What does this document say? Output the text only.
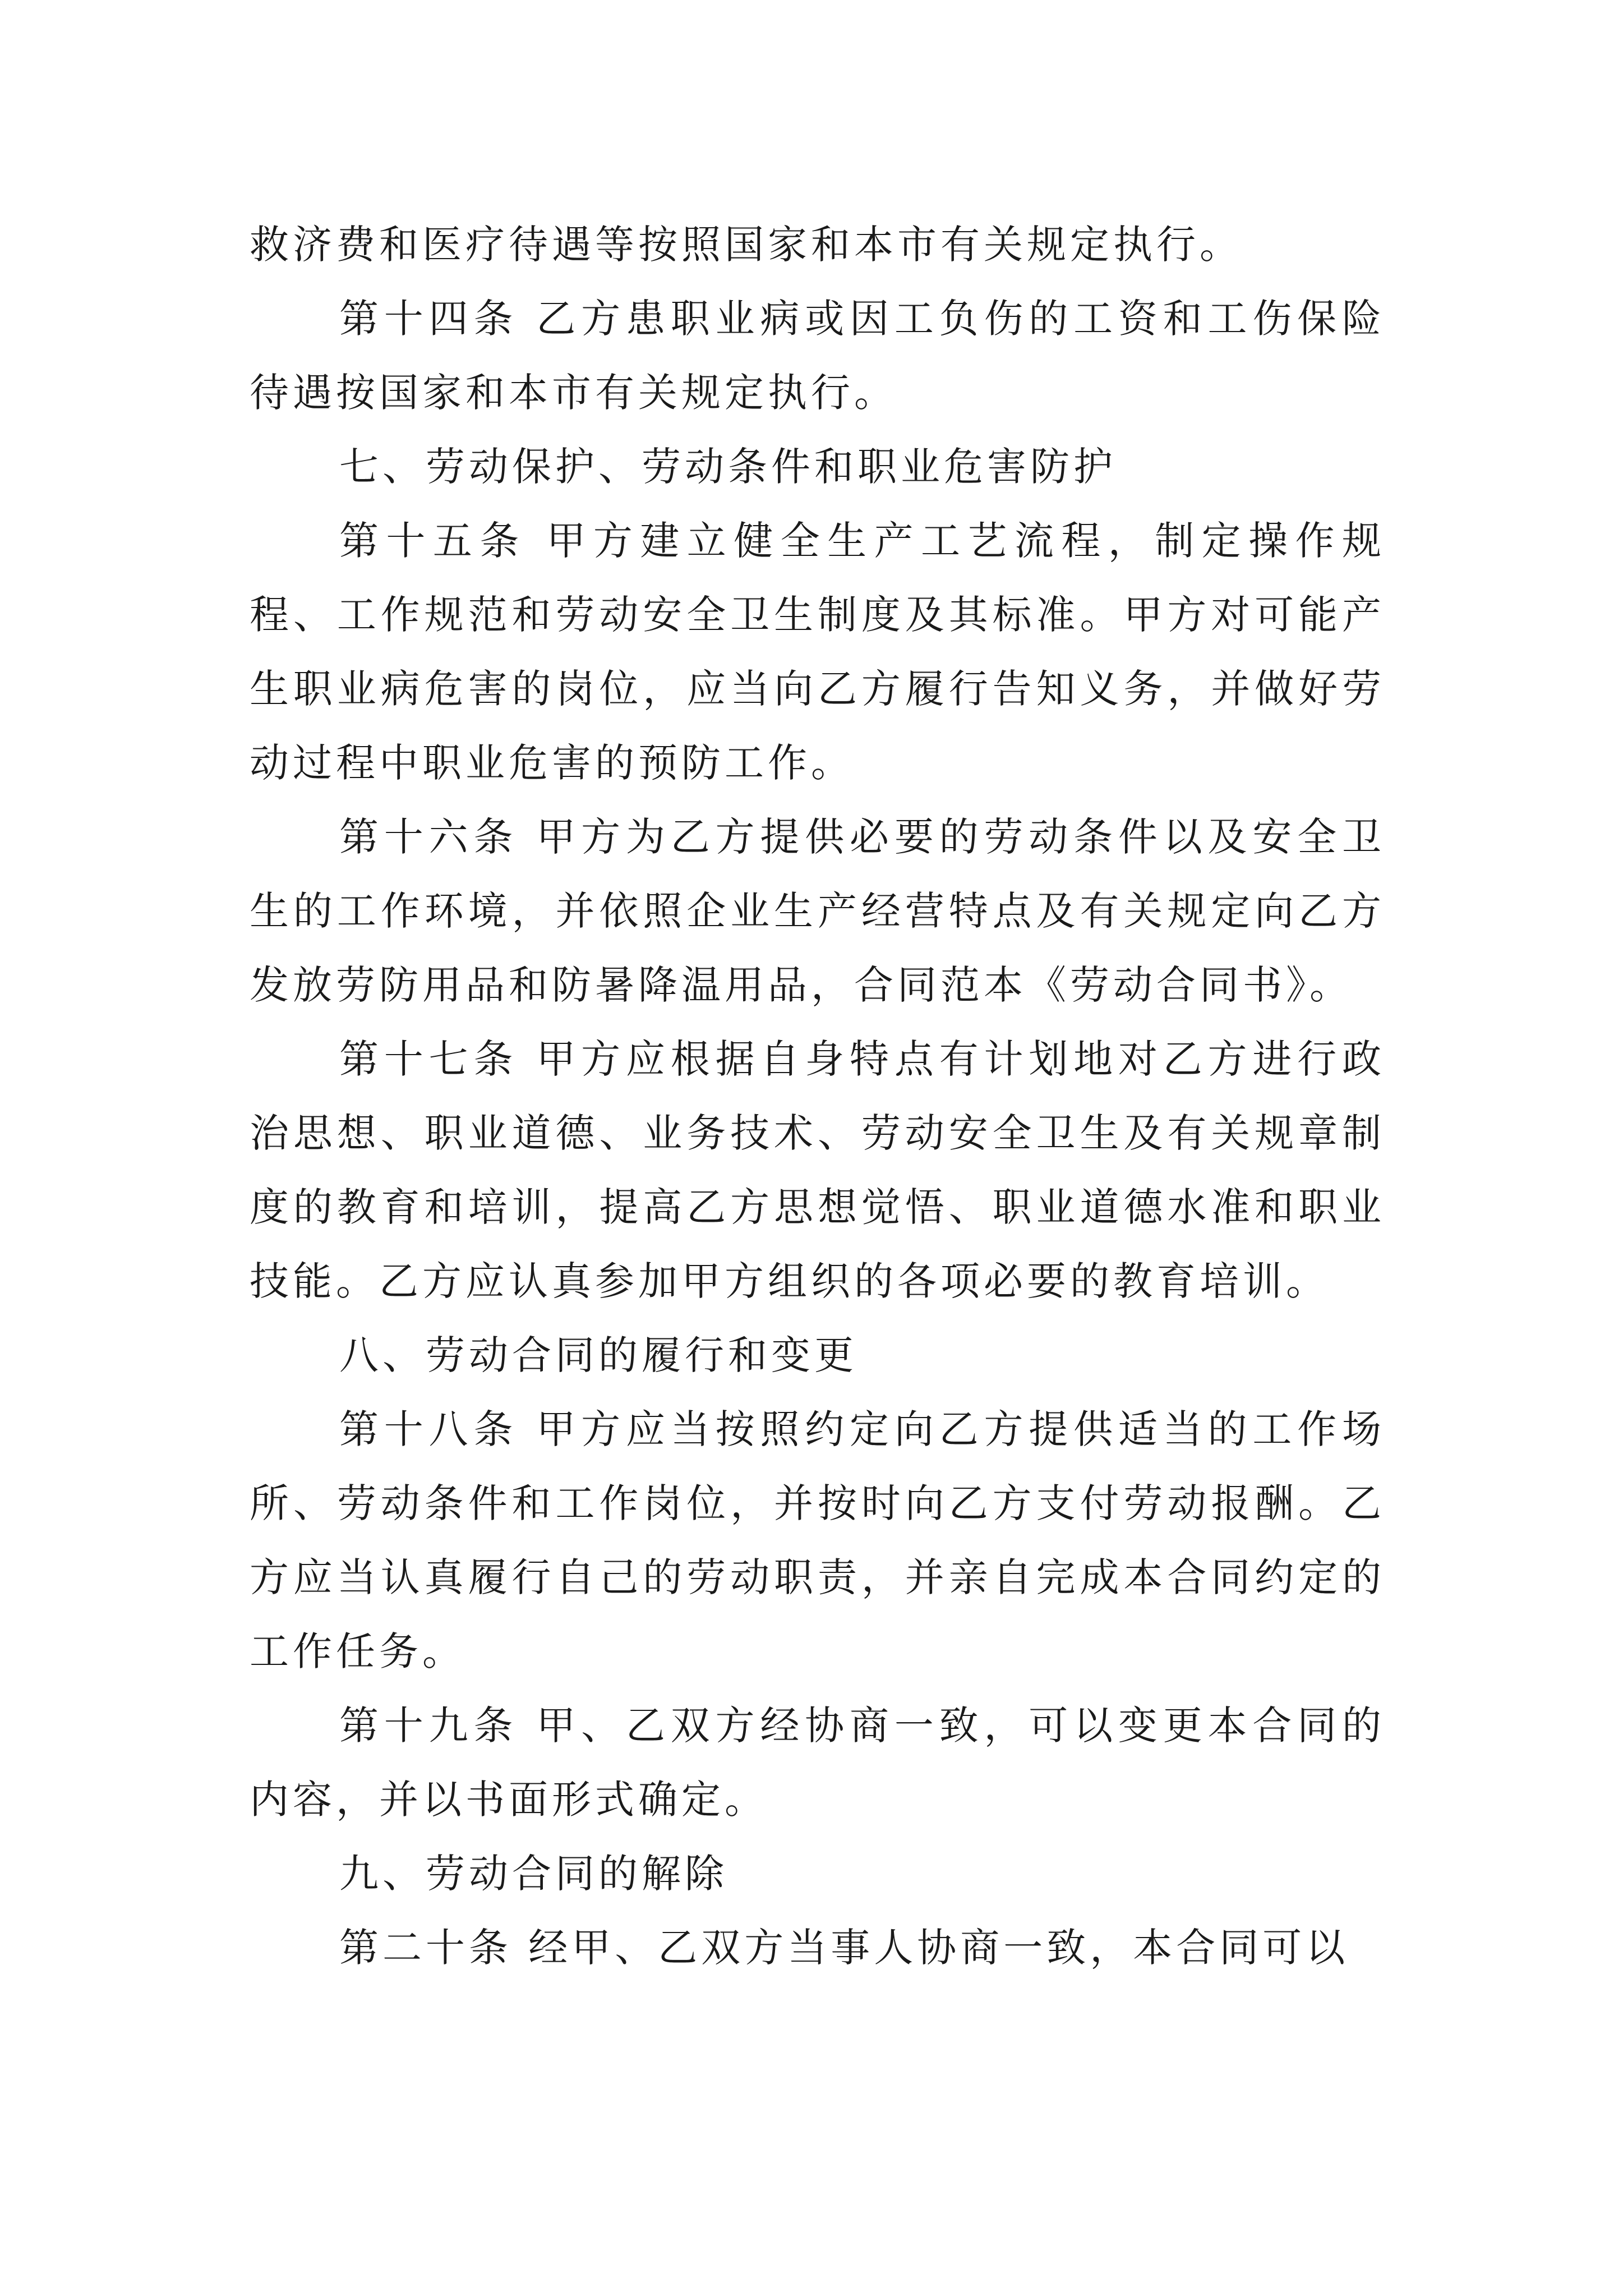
救济费和医疗待遇等按照国家和本市有关规定执行。

第十四条 乙方患职业病或因工负伤的工资和工伤保险待遇按国家和本市有关规定执行。

七、劳动保护、劳动条件和职业危害防护

第十五条 甲方建立健全生产工艺流程，制定操作规程、工作规范和劳动安全卫生制度及其标准。甲方对可能产生职业病危害的岗位，应当向乙方履行告知义务，并做好劳动过程中职业危害的预防工作。

第十六条 甲方为乙方提供必要的劳动条件以及安全卫生的工作环境，并依照企业生产经营特点及有关规定向乙方发放劳防用品和防暑降温用品，合同范本《劳动合同书》。

第十七条 甲方应根据自身特点有计划地对乙方进行政治思想、职业道德、业务技术、劳动安全卫生及有关规章制度的教育和培训，提高乙方思想觉悟、职业道德水准和职业技能。乙方应认真参加甲方组织的各项必要的教育培训。

八、劳动合同的履行和变更

第十八条 甲方应当按照约定向乙方提供适当的工作场所、劳动条件和工作岗位，并按时向乙方支付劳动报酬。乙方应当认真履行自己的劳动职责，并亲自完成本合同约定的工作任务。

第十九条 甲、乙双方经协商一致，可以变更本合同的内容，并以书面形式确定。

九、劳动合同的解除

第二十条 经甲、乙双方当事人协商一致，本合同可以
